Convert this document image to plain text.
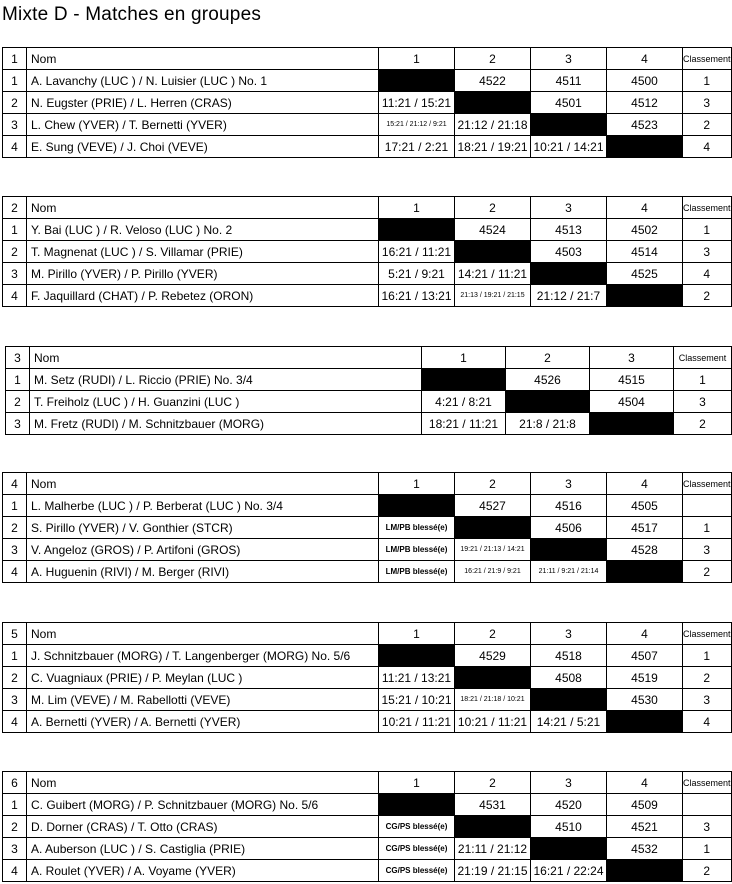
Mixte D - Matches en groupes
1	Nom	1	2	3	4	Classement
1	A. Lavanchy (LUC ) / N. Luisier (LUC ) No. 1		4522	4511	4500	1
2	N. Eugster (PRIE) / L. Herren (CRAS)	11:21 / 15:21		4501	4512	3
3	L. Chew (YVER) / T. Bernetti (YVER)	15:21 / 21:12 / 9:21	21:12 / 21:18		4523	2
4	E. Sung (VEVE) / J. Choi (VEVE)	17:21 / 2:21	18:21 / 19:21	10:21 / 14:21		4
2	Nom	1	2	3	4	Classement
1	Y. Bai (LUC ) / R. Veloso (LUC ) No. 2		4524	4513	4502	1
2	T. Magnenat (LUC ) / S. Villamar (PRIE)	16:21 / 11:21		4503	4514	3
3	M. Pirillo (YVER) / P. Pirillo (YVER)	5:21 / 9:21	14:21 / 11:21		4525	4
4	F. Jaquillard (CHAT) / P. Rebetez (ORON)	16:21 / 13:21	21:13 / 19:21 / 21:15	21:12 / 21:7		2
3	Nom	1	2	3	Classement
1	M. Setz (RUDI) / L. Riccio (PRIE) No. 3/4		4526	4515	1
2	T. Freiholz (LUC ) / H. Guanzini (LUC )	4:21 / 8:21		4504	3
3	M. Fretz (RUDI) / M. Schnitzbauer (MORG)	18:21 / 11:21	21:8 / 21:8		2
4	Nom	1	2	3	4	Classement
1	L. Malherbe (LUC ) / P. Berberat (LUC ) No. 3/4		4527	4516	4505	
2	S. Pirillo (YVER) / V. Gonthier (STCR)	LM/PB blessé(e)		4506	4517	1
3	V. Angeloz (GROS) / P. Artifoni (GROS)	LM/PB blessé(e)	19:21 / 21:13 / 14:21		4528	3
4	A. Huguenin (RIVI) / M. Berger (RIVI)	LM/PB blessé(e)	16:21 / 21:9 / 9:21	21:11 / 9:21 / 21:14		2
5	Nom	1	2	3	4	Classement
1	J. Schnitzbauer (MORG) / T. Langenberger (MORG) No. 5/6		4529	4518	4507	1
2	C. Vuagniaux (PRIE) / P. Meylan (LUC )	11:21 / 13:21		4508	4519	2
3	M. Lim (VEVE) / M. Rabellotti (VEVE)	15:21 / 10:21	18:21 / 21:18 / 10:21		4530	3
4	A. Bernetti (YVER) / A. Bernetti (YVER)	10:21 / 11:21	10:21 / 11:21	14:21 / 5:21		4
6	Nom	1	2	3	4	Classement
1	C. Guibert (MORG) / P. Schnitzbauer (MORG) No. 5/6		4531	4520	4509	
2	D. Dorner (CRAS) / T. Otto (CRAS)	CG/PS blessé(e)		4510	4521	3
3	A. Auberson (LUC ) / S. Castiglia (PRIE)	CG/PS blessé(e)	21:11 / 21:12		4532	1
4	A. Roulet (YVER) / A. Voyame (YVER)	CG/PS blessé(e)	21:19 / 21:15	16:21 / 22:24		2
